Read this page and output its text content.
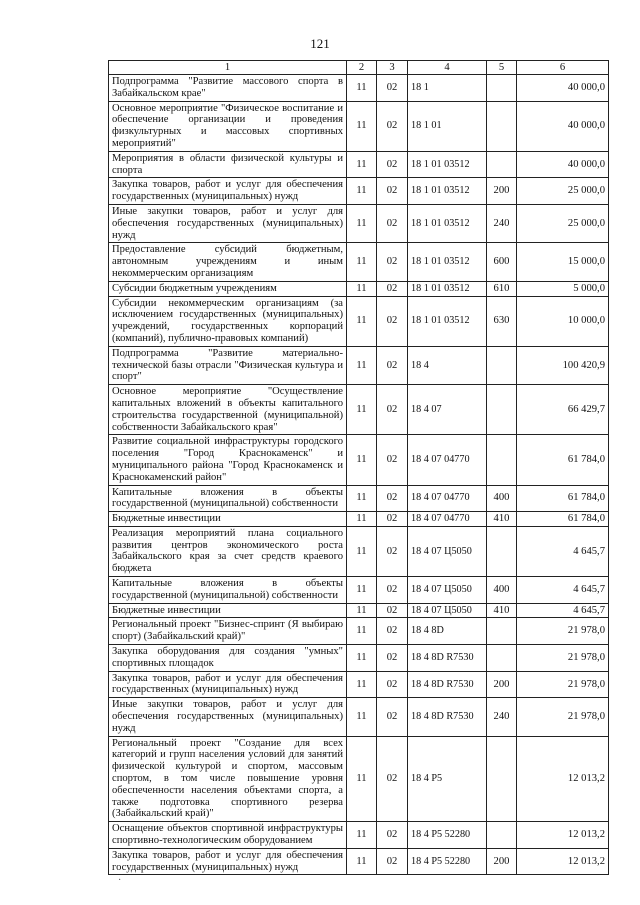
121
1	2	3	4	5	6
Подпрограмма "Развитие массового спорта в Забайкальском крае"	11	02	18 1		40 000,0
Основное мероприятие "Физическое воспитание и обеспечение организации и проведения физкультурных и массовых спортивных мероприятий"	11	02	18 1 01		40 000,0
Мероприятия в области физической культуры и спорта	11	02	18 1 01 03512		40 000,0
Закупка товаров, работ и услуг для обеспечения государственных (муниципальных) нужд	11	02	18 1 01 03512	200	25 000,0
Иные закупки товаров, работ и услуг для обеспечения государственных (муниципальных) нужд	11	02	18 1 01 03512	240	25 000,0
Предоставление субсидий бюджетным, автономным учреждениям и иным некоммерческим организациям	11	02	18 1 01 03512	600	15 000,0
Субсидии бюджетным учреждениям	11	02	18 1 01 03512	610	5 000,0
Субсидии некоммерческим организациям (за исключением государственных (муниципальных) учреждений, государственных корпораций (компаний), публично-правовых компаний)	11	02	18 1 01 03512	630	10 000,0
Подпрограмма "Развитие материально-технической базы отрасли "Физическая культура и спорт"	11	02	18 4		100 420,9
Основное мероприятие "Осуществление капитальных вложений в объекты капитального строительства государственной (муниципальной) собственности Забайкальского края"	11	02	18 4 07		66 429,7
Развитие социальной инфраструктуры городского поселения "Город Краснокаменск" и муниципального района "Город Краснокаменск и Краснокаменский район"	11	02	18 4 07 04770		61 784,0
Капитальные вложения в объекты государственной (муниципальной) собственности	11	02	18 4 07 04770	400	61 784,0
Бюджетные инвестиции	11	02	18 4 07 04770	410	61 784,0
Реализация мероприятий плана социального развития центров экономического роста Забайкальского края за счет средств краевого бюджета	11	02	18 4 07 Ц5050		4 645,7
Капитальные вложения в объекты государственной (муниципальной) собственности	11	02	18 4 07 Ц5050	400	4 645,7
Бюджетные инвестиции	11	02	18 4 07 Ц5050	410	4 645,7
Региональный проект "Бизнес-спринт (Я выбираю спорт) (Забайкальский край)"	11	02	18 4 8D		21 978,0
Закупка оборудования для создания "умных" спортивных площадок	11	02	18 4 8D R7530		21 978,0
Закупка товаров, работ и услуг для обеспечения государственных (муниципальных) нужд	11	02	18 4 8D R7530	200	21 978,0
Иные закупки товаров, работ и услуг для обеспечения государственных (муниципальных) нужд	11	02	18 4 8D R7530	240	21 978,0
Региональный проект "Создание для всех категорий и групп населения условий для занятий физической культурой и спортом, массовым спортом, в том числе повышение уровня обеспеченности населения объектами спорта, а также подготовка спортивного резерва (Забайкальский край)"	11	02	18 4 P5		12 013,2
Оснащение объектов спортивной инфраструктуры спортивно-технологическим оборудованием	11	02	18 4 P5 52280		12 013,2
Закупка товаров, работ и услуг для обеспечения государственных (муниципальных) нужд	11	02	18 4 P5 52280	200	12 013,2
·
